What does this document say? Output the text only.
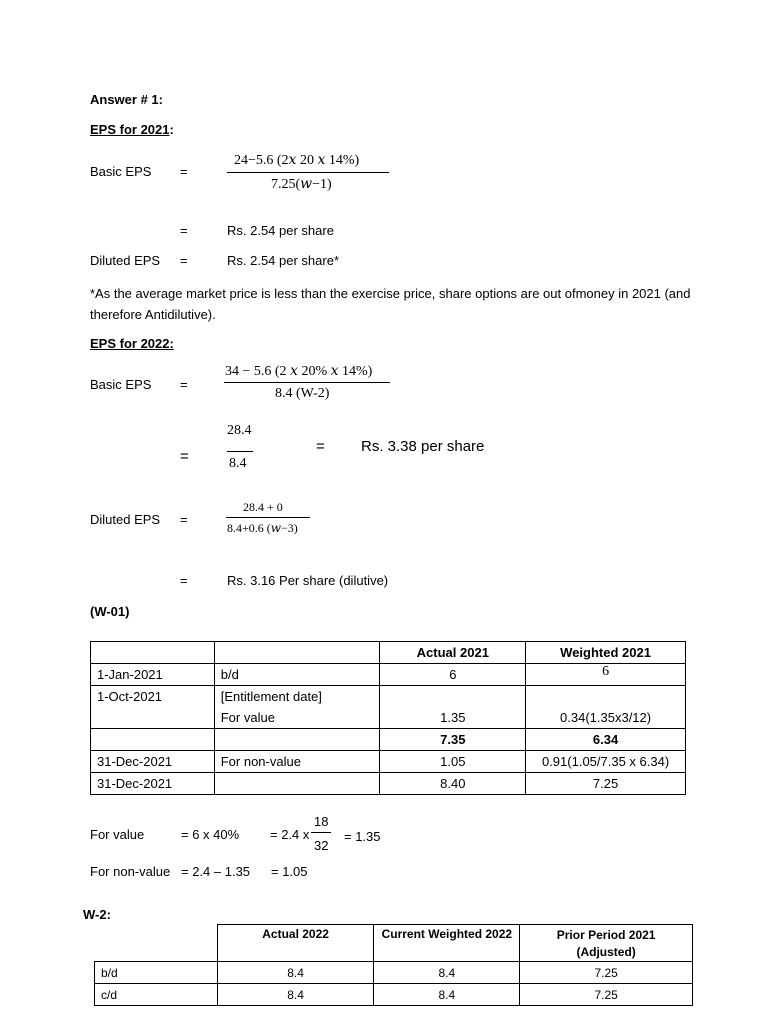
Answer # 1:
EPS for 2021:
Basic EPS =
24−5.6 (2𝑥 20 𝑥 14%)
7.25(𝑤−1)
=	Rs. 2.54 per share
Diluted EPS =	Rs. 2.54 per share*
*As the average market price is less than the exercise price, share options are out ofmoney in 2021 (and therefore Antidilutive).
EPS for 2022:
Basic EPS =
34 − 5.6 (2 𝑥 20% 𝑥 14%)
8.4 (W-2)
28.4
8.4
=
= Rs. 3.38 per share
Diluted EPS =
28.4 + 0
8.4+0.6 (𝑤−3)
=	Rs. 3.16 Per share (dilutive)
(W-01)
		Actual 2021	Weighted 2021
1-Jan-2021	b/d	6	6
1-Oct-2021	[Entitlement date]		
	For value	1.35	0.34(1.35x3/12)
		7.35	6.34
31-Dec-2021	For non-value	1.05	0.91(1.05/7.35 x 6.34)
31-Dec-2021		8.40	7.25
For value	= 6 x 40% = 2.4 x
18
32
= 1.35
For non-value = 2.4 – 1.35 = 1.05
W-2:
	Actual 2022	Current Weighted 2022	Prior Period 2021 (Adjusted)
b/d	8.4	8.4	7.25
c/d	8.4	8.4	7.25
